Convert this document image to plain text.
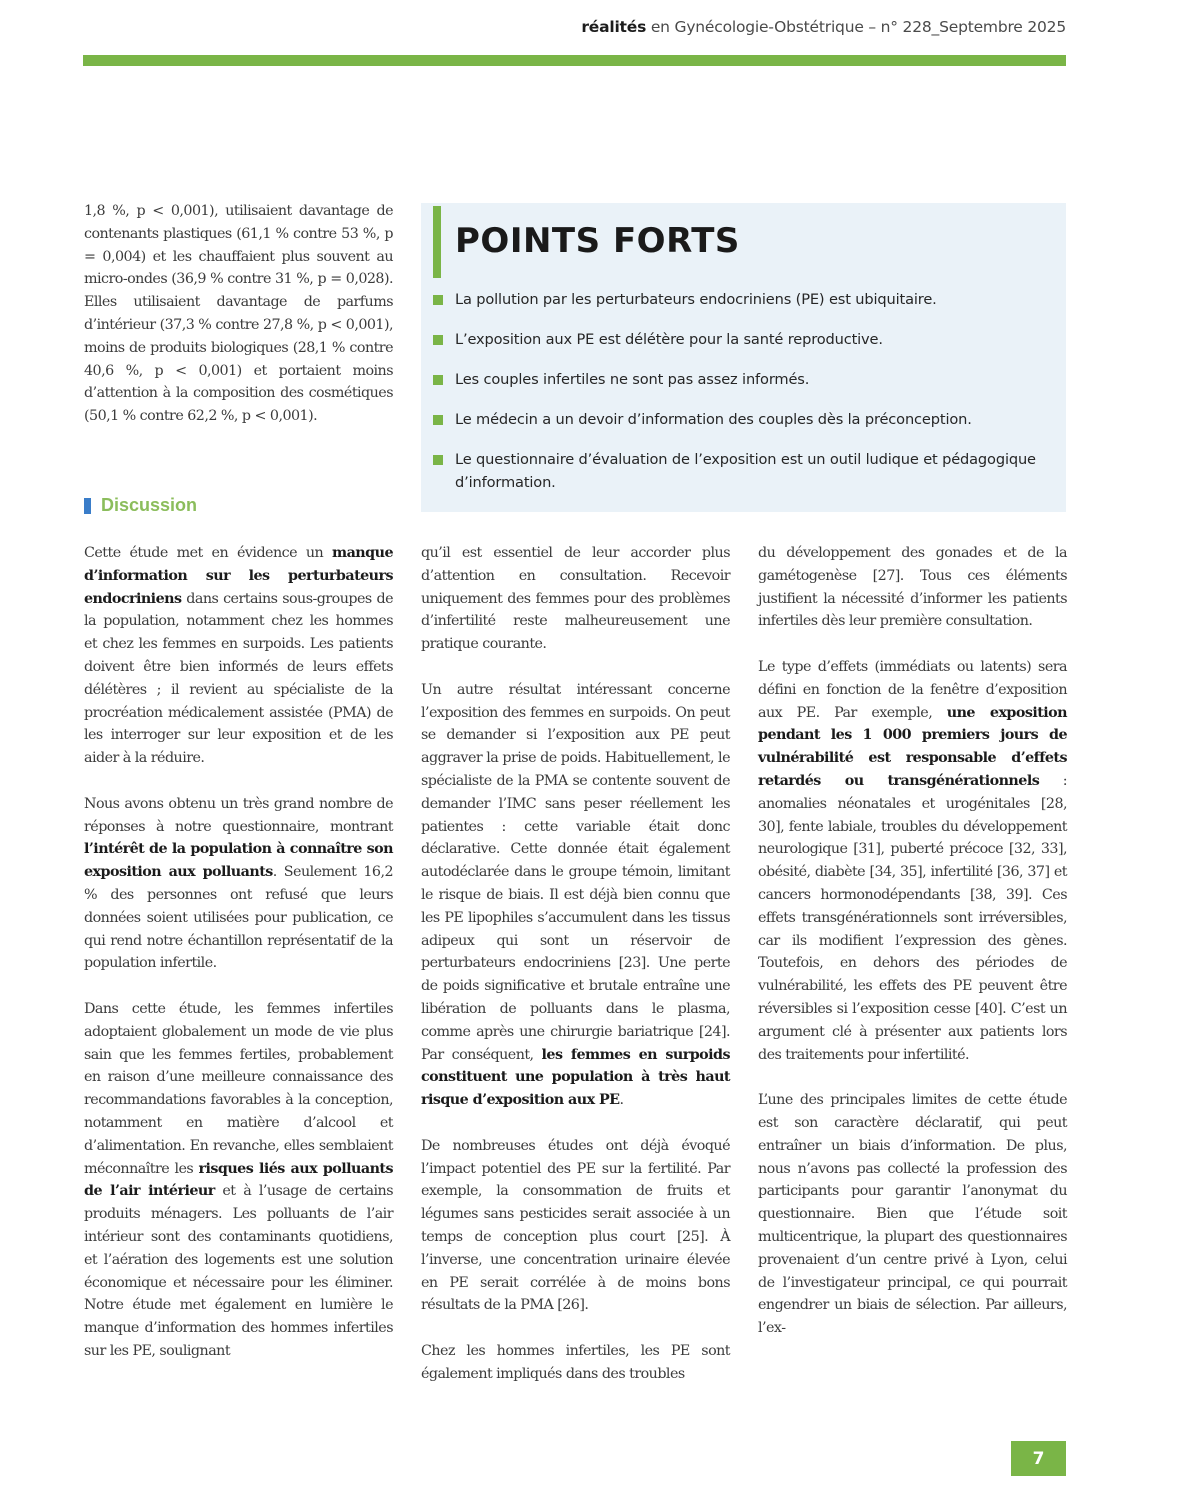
réalités en Gynécologie-Obstétrique – n° 228_Septembre 2025

1,8 %, p < 0,001), utilisaient davantage de contenants plastiques (61,1 % contre 53 %, p = 0,004) et les chauffaient plus souvent au micro-ondes (36,9 % contre 31 %, p = 0,028). Elles utilisaient davantage de parfums d’intérieur (37,3 % contre 27,8 %, p < 0,001), moins de produits biologiques (28,1 % contre 40,6 %, p < 0,001) et portaient moins d’attention à la composition des cosmétiques (50,1 % contre 62,2 %, p < 0,001).

POINTS FORTS
La pollution par les perturbateurs endocriniens (PE) est ubiquitaire.
L’exposition aux PE est délétère pour la santé reproductive.
Les couples infertiles ne sont pas assez informés.
Le médecin a un devoir d’information des couples dès la préconception.
Le questionnaire d’évaluation de l’exposition est un outil ludique et pédagogique d’information.
Discussion

Cette étude met en évidence un manque d’information sur les perturbateurs endocriniens dans certains sous-groupes de la population, notamment chez les hommes et chez les femmes en surpoids. Les patients doivent être bien informés de leurs effets délétères ; il revient au spécialiste de la procréation médicalement assistée (PMA) de les interroger sur leur exposition et de les aider à la réduire.

Nous avons obtenu un très grand nombre de réponses à notre questionnaire, montrant l’intérêt de la population à connaître son exposition aux polluants. Seulement 16,2 % des personnes ont refusé que leurs données soient utilisées pour publication, ce qui rend notre échantillon représentatif de la population infertile.

Dans cette étude, les femmes infertiles adoptaient globalement un mode de vie plus sain que les femmes fertiles, probablement en raison d’une meilleure connaissance des recommandations favorables à la conception, notamment en matière d’alcool et d’alimentation. En revanche, elles semblaient méconnaître les risques liés aux polluants de l’air intérieur et à l’usage de certains produits ménagers. Les polluants de l’air intérieur sont des contaminants quotidiens, et l’aération des logements est une solution économique et nécessaire pour les éliminer. Notre étude met également en lumière le manque d’information des hommes infertiles sur les PE, soulignant

qu’il est essentiel de leur accorder plus d’attention en consultation. Recevoir uniquement des femmes pour des problèmes d’infertilité reste malheureusement une pratique courante.

Un autre résultat intéressant concerne l’exposition des femmes en surpoids. On peut se demander si l’exposition aux PE peut aggraver la prise de poids. Habituellement, le spécialiste de la PMA se contente souvent de demander l’IMC sans peser réellement les patientes : cette variable était donc déclarative. Cette donnée était également autodéclarée dans le groupe témoin, limitant le risque de biais. Il est déjà bien connu que les PE lipophiles s’accumulent dans les tissus adipeux qui sont un réservoir de perturbateurs endocriniens [23]. Une perte de poids significative et brutale entraîne une libération de polluants dans le plasma, comme après une chirurgie bariatrique [24]. Par conséquent, les femmes en surpoids constituent une population à très haut risque d’exposition aux PE.

De nombreuses études ont déjà évoqué l’impact potentiel des PE sur la fertilité. Par exemple, la consommation de fruits et légumes sans pesticides serait associée à un temps de conception plus court [25]. À l’inverse, une concentration urinaire élevée en PE serait corrélée à de moins bons résultats de la PMA [26].

Chez les hommes infertiles, les PE sont également impliqués dans des troubles

du développement des gonades et de la gamétogenèse [27]. Tous ces éléments justifient la nécessité d’informer les patients infertiles dès leur première consultation.

Le type d’effets (immédiats ou latents) sera défini en fonction de la fenêtre d’exposition aux PE. Par exemple, une exposition pendant les 1 000 premiers jours de vulnérabilité est responsable d’effets retardés ou transgénérationnels : anomalies néonatales et urogénitales [28, 30], fente labiale, troubles du développement neurologique [31], puberté précoce [32, 33], obésité, diabète [34, 35], infertilité [36, 37] et cancers hormonodépendants [38, 39]. Ces effets transgénérationnels sont irréversibles, car ils modifient l’expression des gènes. Toutefois, en dehors des périodes de vulnérabilité, les effets des PE peuvent être réversibles si l’exposition cesse [40]. C’est un argument clé à présenter aux patients lors des traitements pour infertilité.

L’une des principales limites de cette étude est son caractère déclaratif, qui peut entraîner un biais d’information. De plus, nous n’avons pas collecté la profession des participants pour garantir l’anonymat du questionnaire. Bien que l’étude soit multicentrique, la plupart des questionnaires provenaient d’un centre privé à Lyon, celui de l’investigateur principal, ce qui pourrait engendrer un biais de sélection. Par ailleurs, l’ex-

7
